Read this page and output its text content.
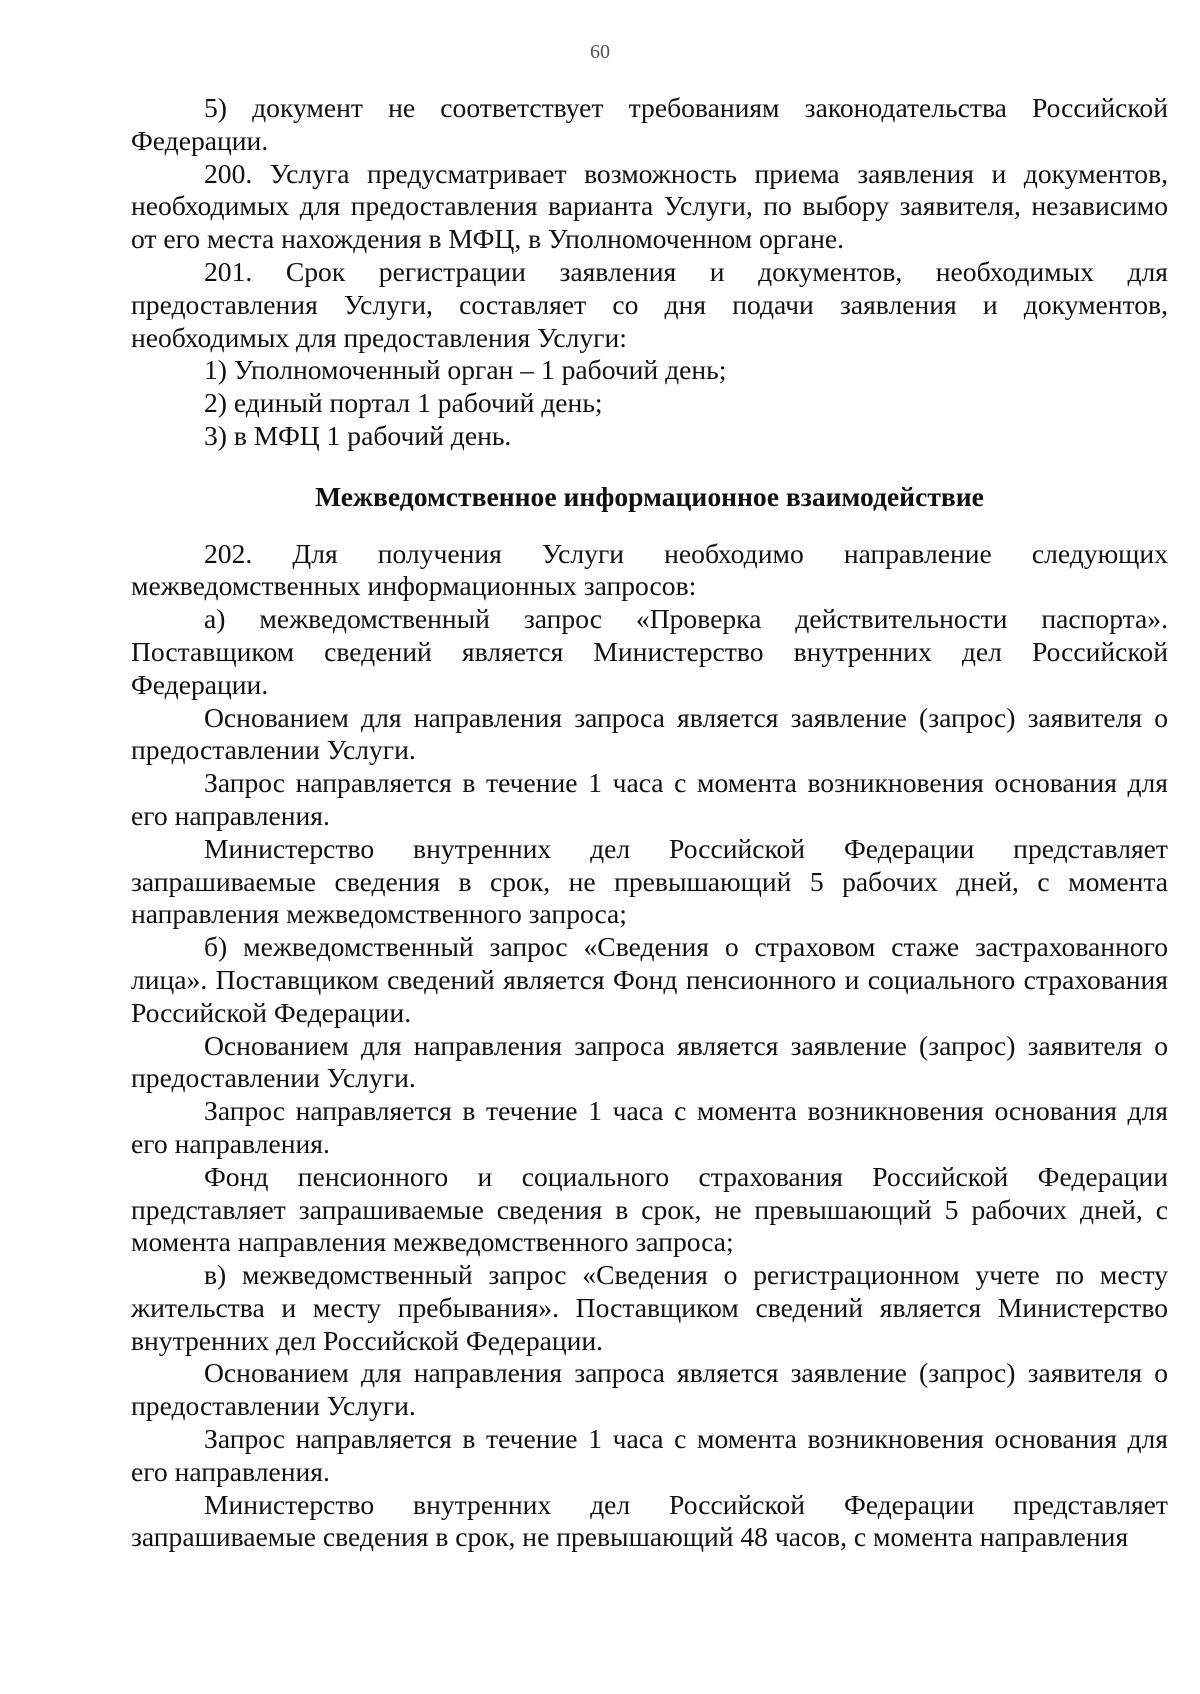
60

5) документ не соответствует требованиям законодательства Российской Федерации.

200. Услуга предусматривает возможность приема заявления и документов, необходимых для предоставления варианта Услуги, по выбору заявителя, независимо от его места нахождения в МФЦ, в Уполномоченном органе.

201. Срок регистрации заявления и документов, необходимых для предоставления Услуги, составляет со дня подачи заявления и документов, необходимых для предоставления Услуги:

1) Уполномоченный орган – 1 рабочий день;

2) единый портал 1 рабочий день;

3) в МФЦ 1 рабочий день.

Межведомственное информационное взаимодействие

202. Для получения Услуги необходимо направление следующих межведомственных информационных запросов:

а) межведомственный запрос «Проверка действительности паспорта». Поставщиком сведений является Министерство внутренних дел Российской Федерации.

Основанием для направления запроса является заявление (запрос) заявителя о предоставлении Услуги.

Запрос направляется в течение 1 часа с момента возникновения основания для его направления.

Министерство внутренних дел Российской Федерации представляет запрашиваемые сведения в срок, не превышающий 5 рабочих дней, с момента направления межведомственного запроса;

б) межведомственный запрос «Сведения о страховом стаже застрахованного лица». Поставщиком сведений является Фонд пенсионного и социального страхования Российской Федерации.

Основанием для направления запроса является заявление (запрос) заявителя о предоставлении Услуги.

Запрос направляется в течение 1 часа с момента возникновения основания для его направления.

Фонд пенсионного и социального страхования Российской Федерации представляет запрашиваемые сведения в срок, не превышающий 5 рабочих дней, с момента направления межведомственного запроса;

в) межведомственный запрос «Сведения о регистрационном учете по месту жительства и месту пребывания». Поставщиком сведений является Министерство внутренних дел Российской Федерации.

Основанием для направления запроса является заявление (запрос) заявителя о предоставлении Услуги.

Запрос направляется в течение 1 часа с момента возникновения основания для его направления.

Министерство внутренних дел Российской Федерации представляет запрашиваемые сведения в срок, не превышающий 48 часов, с момента направления
